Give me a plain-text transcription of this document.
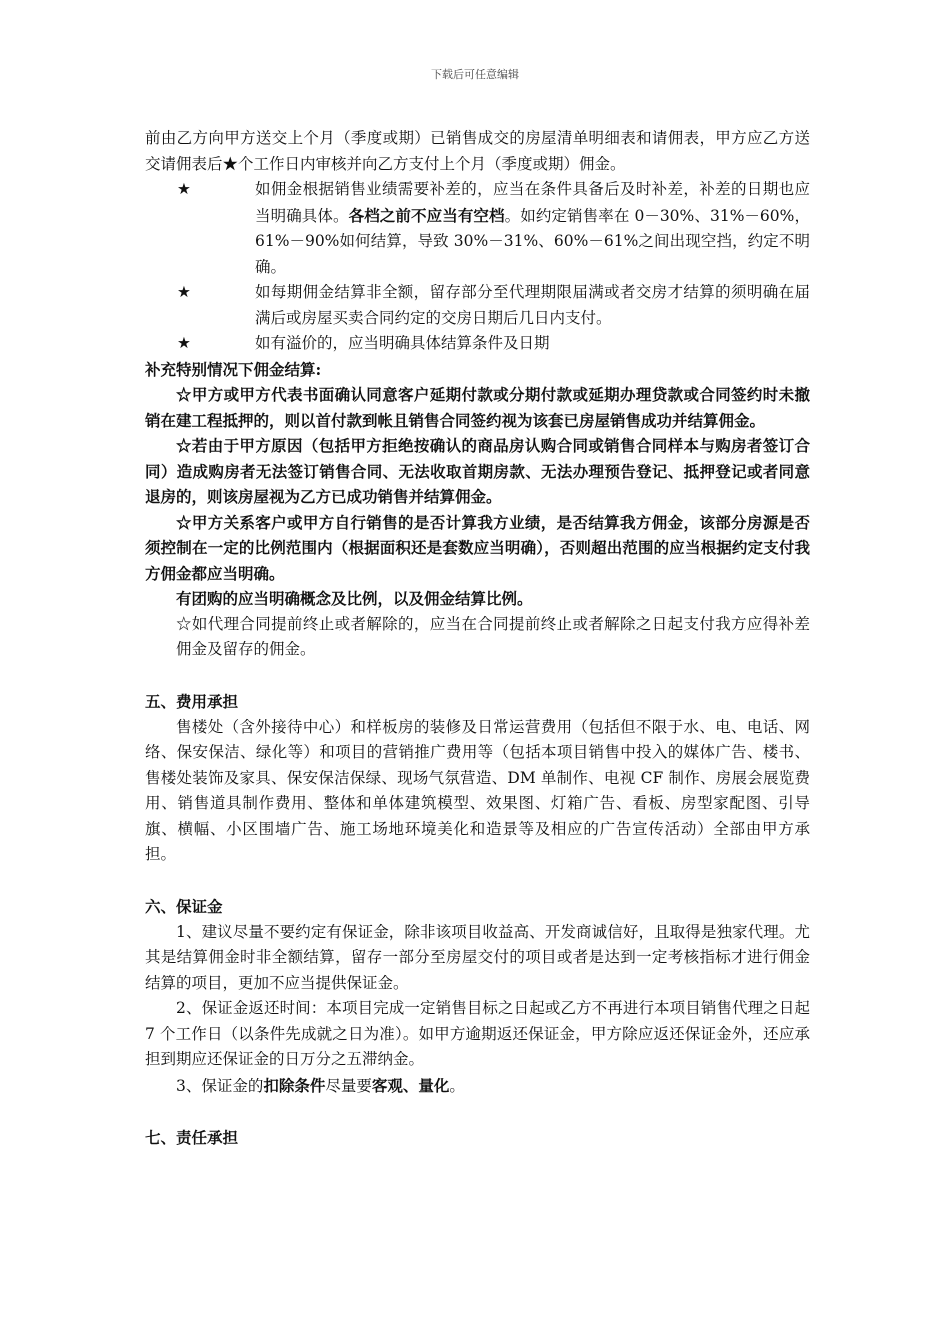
下载后可任意编辑

前由乙方向甲方送交上个月（季度或期）已销售成交的房屋清单明细表和请佣表，甲方应乙方送交请佣表后★个工作日内审核并向乙方支付上个月（季度或期）佣金。

★	如佣金根据销售业绩需要补差的，应当在条件具备后及时补差，补差的日期也应当明确具体。各档之前不应当有空档。如约定销售率在 0－30%、31%－60%，61%－90%如何结算，导致 30%－31%、60%－61%之间出现空挡，约定不明确。
★	如每期佣金结算非全额，留存部分至代理期限届满或者交房才结算的须明确在届满后或房屋买卖合同约定的交房日期后几日内支付。
★	如有溢价的，应当明确具体结算条件及日期

补充特别情况下佣金结算:

☆甲方或甲方代表书面确认同意客户延期付款或分期付款或延期办理贷款或合同签约时未撤销在建工程抵押的，则以首付款到帐且销售合同签约视为该套已房屋销售成功并结算佣金。

☆若由于甲方原因（包括甲方拒绝按确认的商品房认购合同或销售合同样本与购房者签订合同）造成购房者无法签订销售合同、无法收取首期房款、无法办理预告登记、抵押登记或者同意退房的，则该房屋视为乙方已成功销售并结算佣金。

☆甲方关系客户或甲方自行销售的是否计算我方业绩，是否结算我方佣金，该部分房源是否须控制在一定的比例范围内（根据面积还是套数应当明确），否则超出范围的应当根据约定支付我方佣金都应当明确。

有团购的应当明确概念及比例，以及佣金结算比例。

☆如代理合同提前终止或者解除的，应当在合同提前终止或者解除之日起支付我方应得补差佣金及留存的佣金。

五、费用承担

售楼处（含外接待中心）和样板房的装修及日常运营费用（包括但不限于水、电、电话、网络、保安保洁、绿化等）和项目的营销推广费用等（包括本项目销售中投入的媒体广告、楼书、售楼处装饰及家具、保安保洁保绿、现场气氛营造、DM 单制作、电视 CF 制作、房展会展览费用、销售道具制作费用、整体和单体建筑模型、效果图、灯箱广告、看板、房型家配图、引导旗、横幅、小区围墙广告、施工场地环境美化和造景等及相应的广告宣传活动）全部由甲方承担。

六、保证金

1、建议尽量不要约定有保证金，除非该项目收益高、开发商诚信好，且取得是独家代理。尤其是结算佣金时非全额结算，留存一部分至房屋交付的项目或者是达到一定考核指标才进行佣金结算的项目，更加不应当提供保证金。

2、保证金返还时间：本项目完成一定销售目标之日起或乙方不再进行本项目销售代理之日起 7 个工作日（以条件先成就之日为准）。如甲方逾期返还保证金，甲方除应返还保证金外，还应承担到期应还保证金的日万分之五滞纳金。

3、保证金的扣除条件尽量要客观、量化。

七、责任承担
